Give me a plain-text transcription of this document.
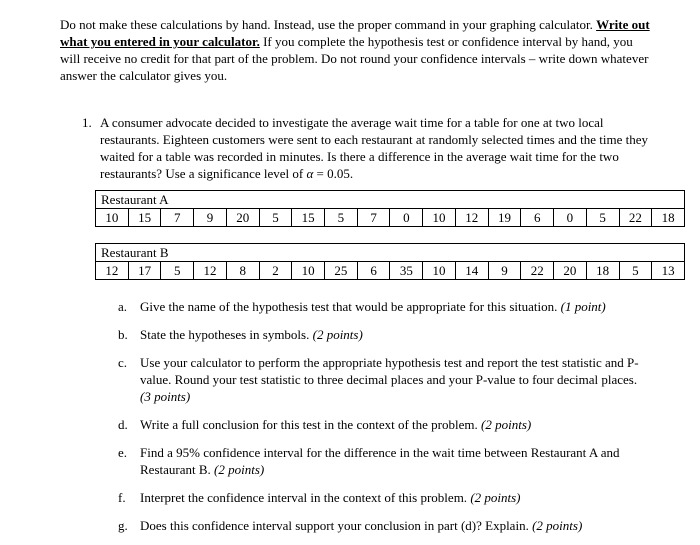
Do not make these calculations by hand. Instead, use the proper command in your graphing calculator. Write out what you entered in your calculator. If you complete the hypothesis test or confidence interval by hand, you will receive no credit for that part of the problem. Do not round your confidence intervals – write down whatever answer the calculator gives you.

1. A consumer advocate decided to investigate the average wait time for a table for one at two local restaurants. Eighteen customers were sent to each restaurant at randomly selected times and the time they waited for a table was recorded in minutes. Is there a difference in the average wait time for the two restaurants? Use a significance level of α = 0.05.
Restaurant A
10	15	7	9	20	5	15	5	7	0	10	12	19	6	0	5	22	18
Restaurant B
12	17	5	12	8	2	10	25	6	35	10	14	9	22	20	18	5	13
a. Give the name of the hypothesis test that would be appropriate for this situation. (1 point)
b. State the hypotheses in symbols. (2 points)
c. Use your calculator to perform the appropriate hypothesis test and report the test statistic and P-value. Round your test statistic to three decimal places and your P-value to four decimal places. (3 points)
d. Write a full conclusion for this test in the context of the problem. (2 points)
e. Find a 95% confidence interval for the difference in the wait time between Restaurant A and Restaurant B. (2 points)
f.	Interpret the confidence interval in the context of this problem. (2 points)
g. Does this confidence interval support your conclusion in part (d)? Explain. (2 points)
